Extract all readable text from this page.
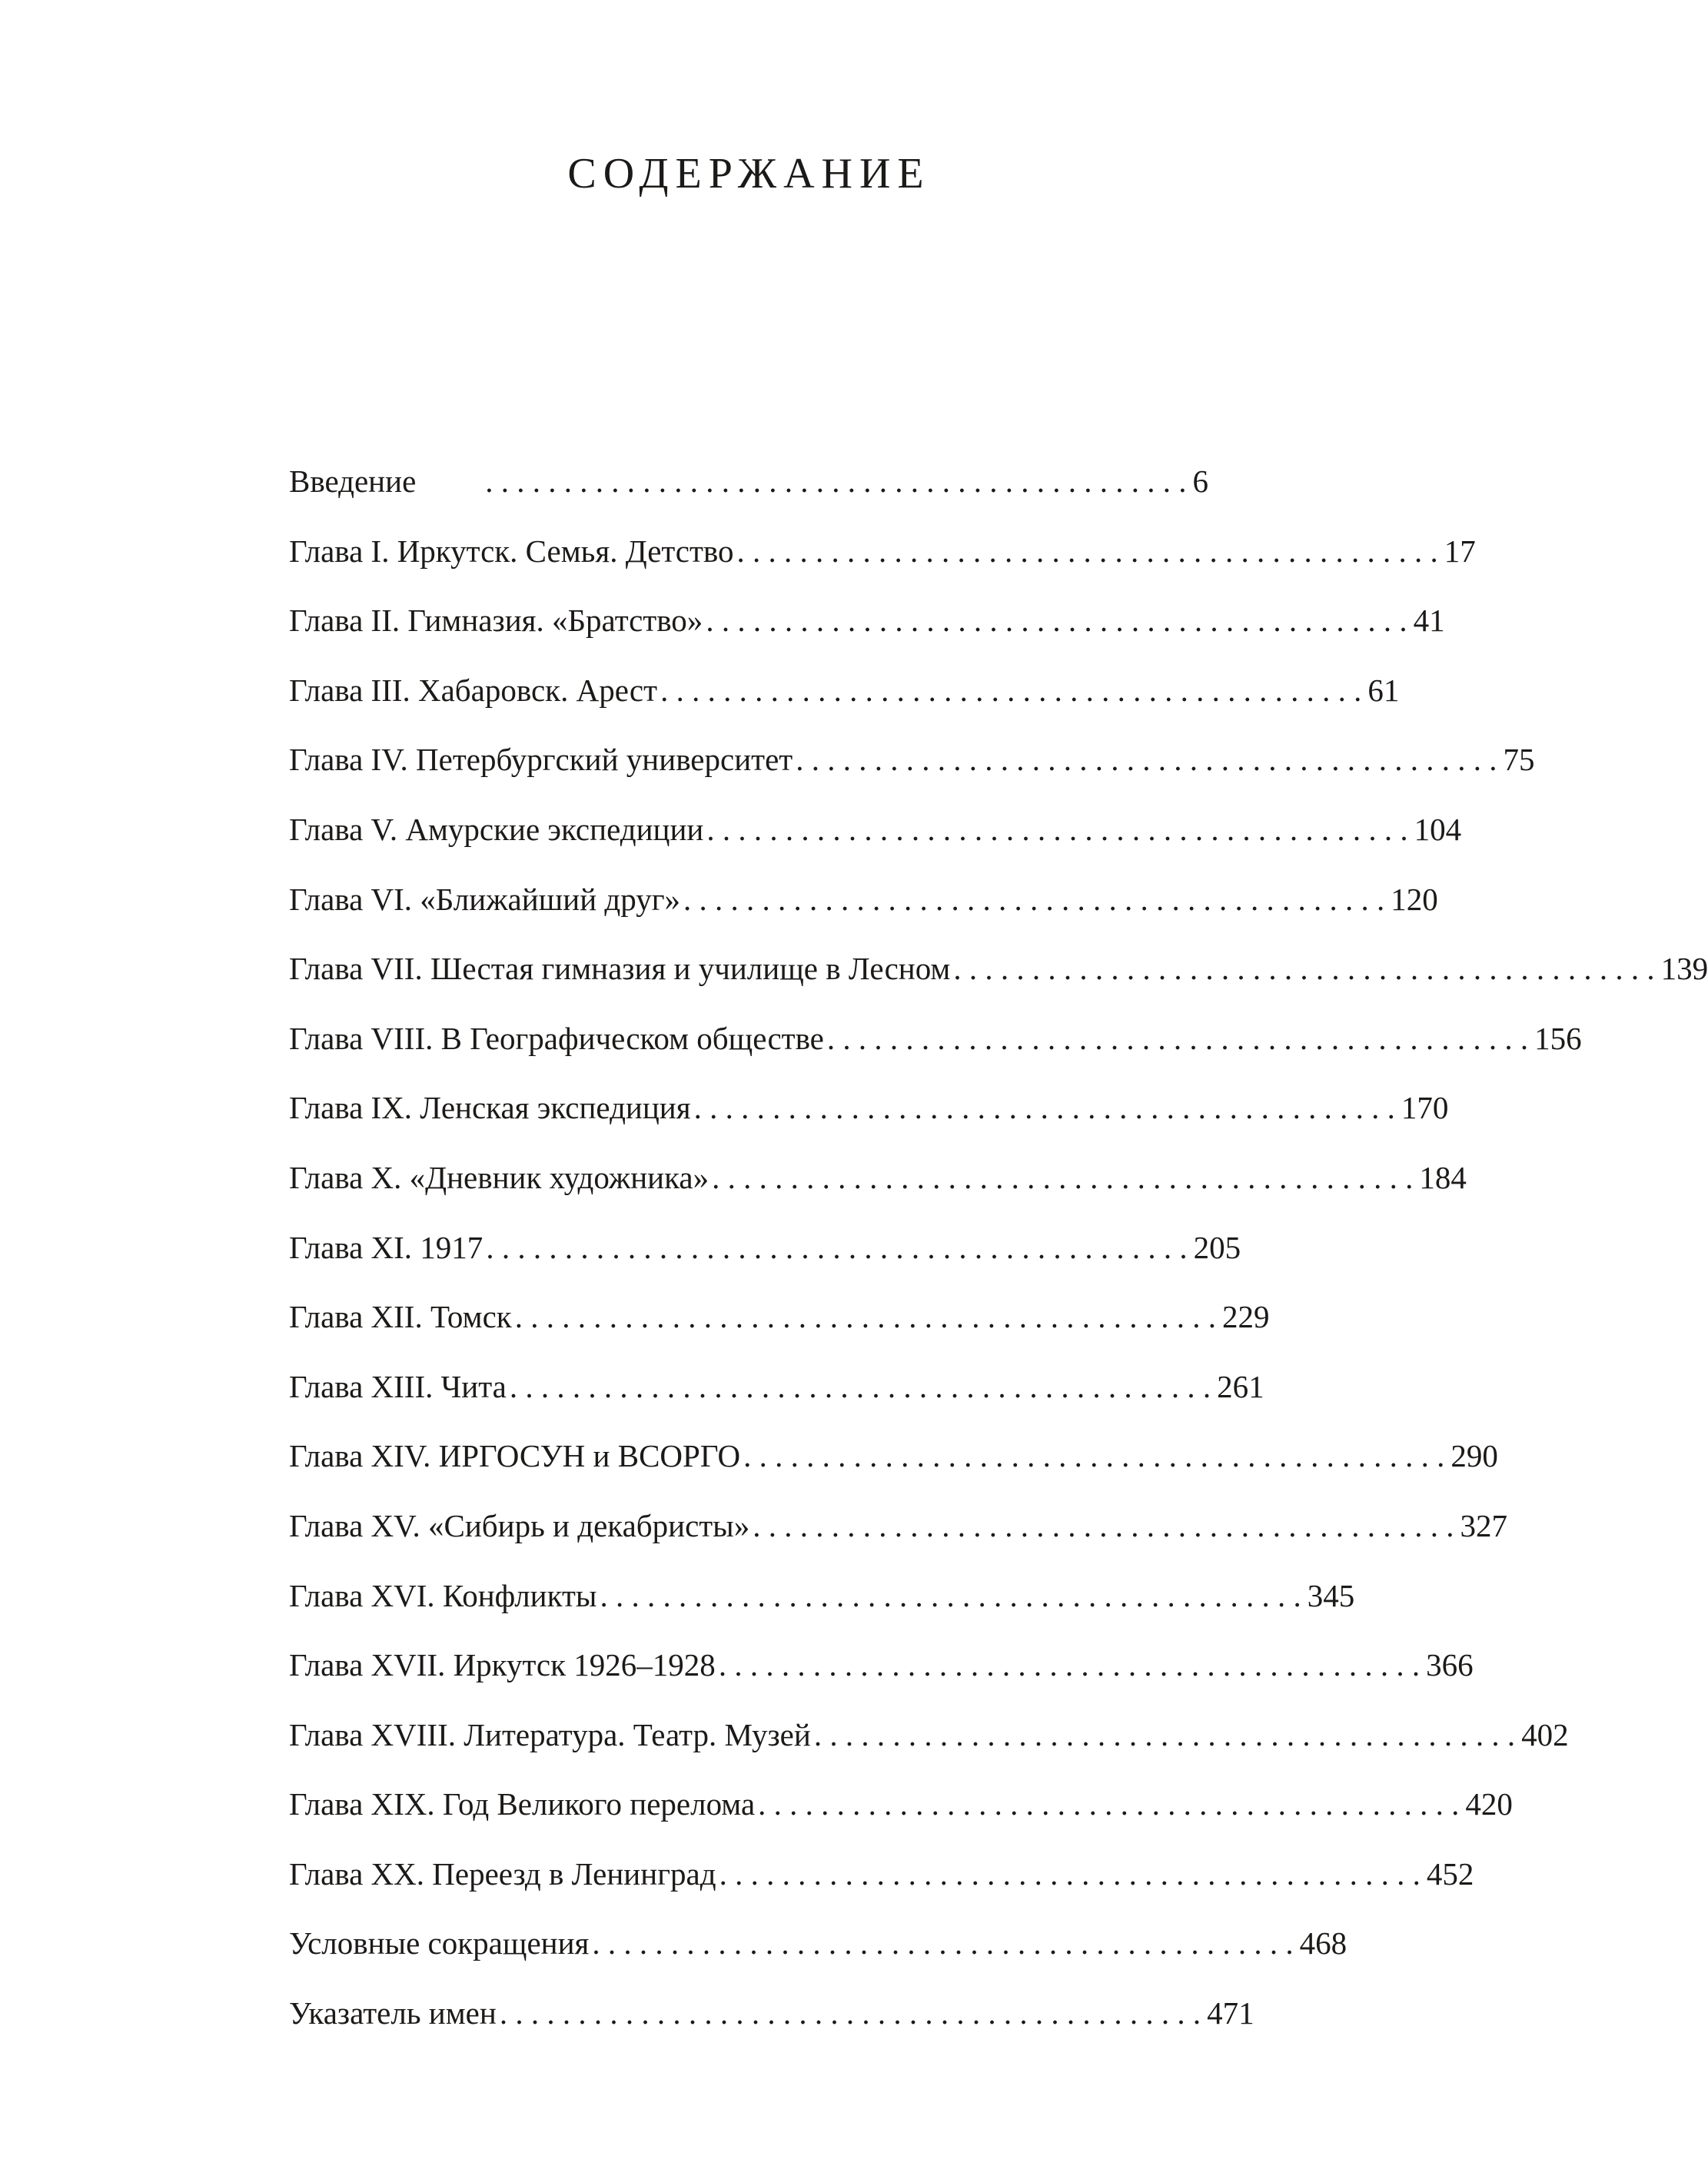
СОДЕРЖАНИЕ
Введение	. . . . . . . . . . . . . . . . . . . . . . . . . . . . . . . . . . . . . . . . . . . . . 6
Глава I. Иркутск. Семья. Детство . . . . . . . . . . . . . . . . . . . . . . . . . . . . . . . . . . . . . . . . . . . . . 17
Глава II. Гимназия. «Братство» . . . . . . . . . . . . . . . . . . . . . . . . . . . . . . . . . . . . . . . . . . . . . 41
Глава III. Хабаровск. Арест . . . . . . . . . . . . . . . . . . . . . . . . . . . . . . . . . . . . . . . . . . . . . 61
Глава IV. Петербургский университет . . . . . . . . . . . . . . . . . . . . . . . . . . . . . . . . . . . . . . . . . . . . . 75
Глава V. Амурские экспедиции . . . . . . . . . . . . . . . . . . . . . . . . . . . . . . . . . . . . . . . . . . . . . 104
Глава VI. «Ближайший друг» . . . . . . . . . . . . . . . . . . . . . . . . . . . . . . . . . . . . . . . . . . . . . 120
Глава VII. Шестая гимназия и училище в Лесном . . . . . . . . . . . . . . . . . . . . . . . . . . . . . . . . . . . . . . . . . . . . . 139
Глава VIII. В Географическом обществе . . . . . . . . . . . . . . . . . . . . . . . . . . . . . . . . . . . . . . . . . . . . . 156
Глава IX. Ленская экспедиция . . . . . . . . . . . . . . . . . . . . . . . . . . . . . . . . . . . . . . . . . . . . . 170
Глава X. «Дневник художника» . . . . . . . . . . . . . . . . . . . . . . . . . . . . . . . . . . . . . . . . . . . . . 184
Глава XI. 1917 . . . . . . . . . . . . . . . . . . . . . . . . . . . . . . . . . . . . . . . . . . . . . 205
Глава XII. Томск . . . . . . . . . . . . . . . . . . . . . . . . . . . . . . . . . . . . . . . . . . . . . 229
Глава XIII. Чита . . . . . . . . . . . . . . . . . . . . . . . . . . . . . . . . . . . . . . . . . . . . . 261
Глава XIV. ИРГОСУН и ВСОРГО . . . . . . . . . . . . . . . . . . . . . . . . . . . . . . . . . . . . . . . . . . . . . 290
Глава XV. «Сибирь и декабристы» . . . . . . . . . . . . . . . . . . . . . . . . . . . . . . . . . . . . . . . . . . . . . 327
Глава XVI. Конфликты . . . . . . . . . . . . . . . . . . . . . . . . . . . . . . . . . . . . . . . . . . . . . 345
Глава XVII. Иркутск 1926–1928 . . . . . . . . . . . . . . . . . . . . . . . . . . . . . . . . . . . . . . . . . . . . . 366
Глава XVIII. Литература. Театр. Музей . . . . . . . . . . . . . . . . . . . . . . . . . . . . . . . . . . . . . . . . . . . . . 402
Глава XIX. Год Великого перелома . . . . . . . . . . . . . . . . . . . . . . . . . . . . . . . . . . . . . . . . . . . . . 420
Глава XX. Переезд в Ленинград . . . . . . . . . . . . . . . . . . . . . . . . . . . . . . . . . . . . . . . . . . . . . 452
Условные сокращения . . . . . . . . . . . . . . . . . . . . . . . . . . . . . . . . . . . . . . . . . . . . . 468
Указатель имен . . . . . . . . . . . . . . . . . . . . . . . . . . . . . . . . . . . . . . . . . . . . . 471
